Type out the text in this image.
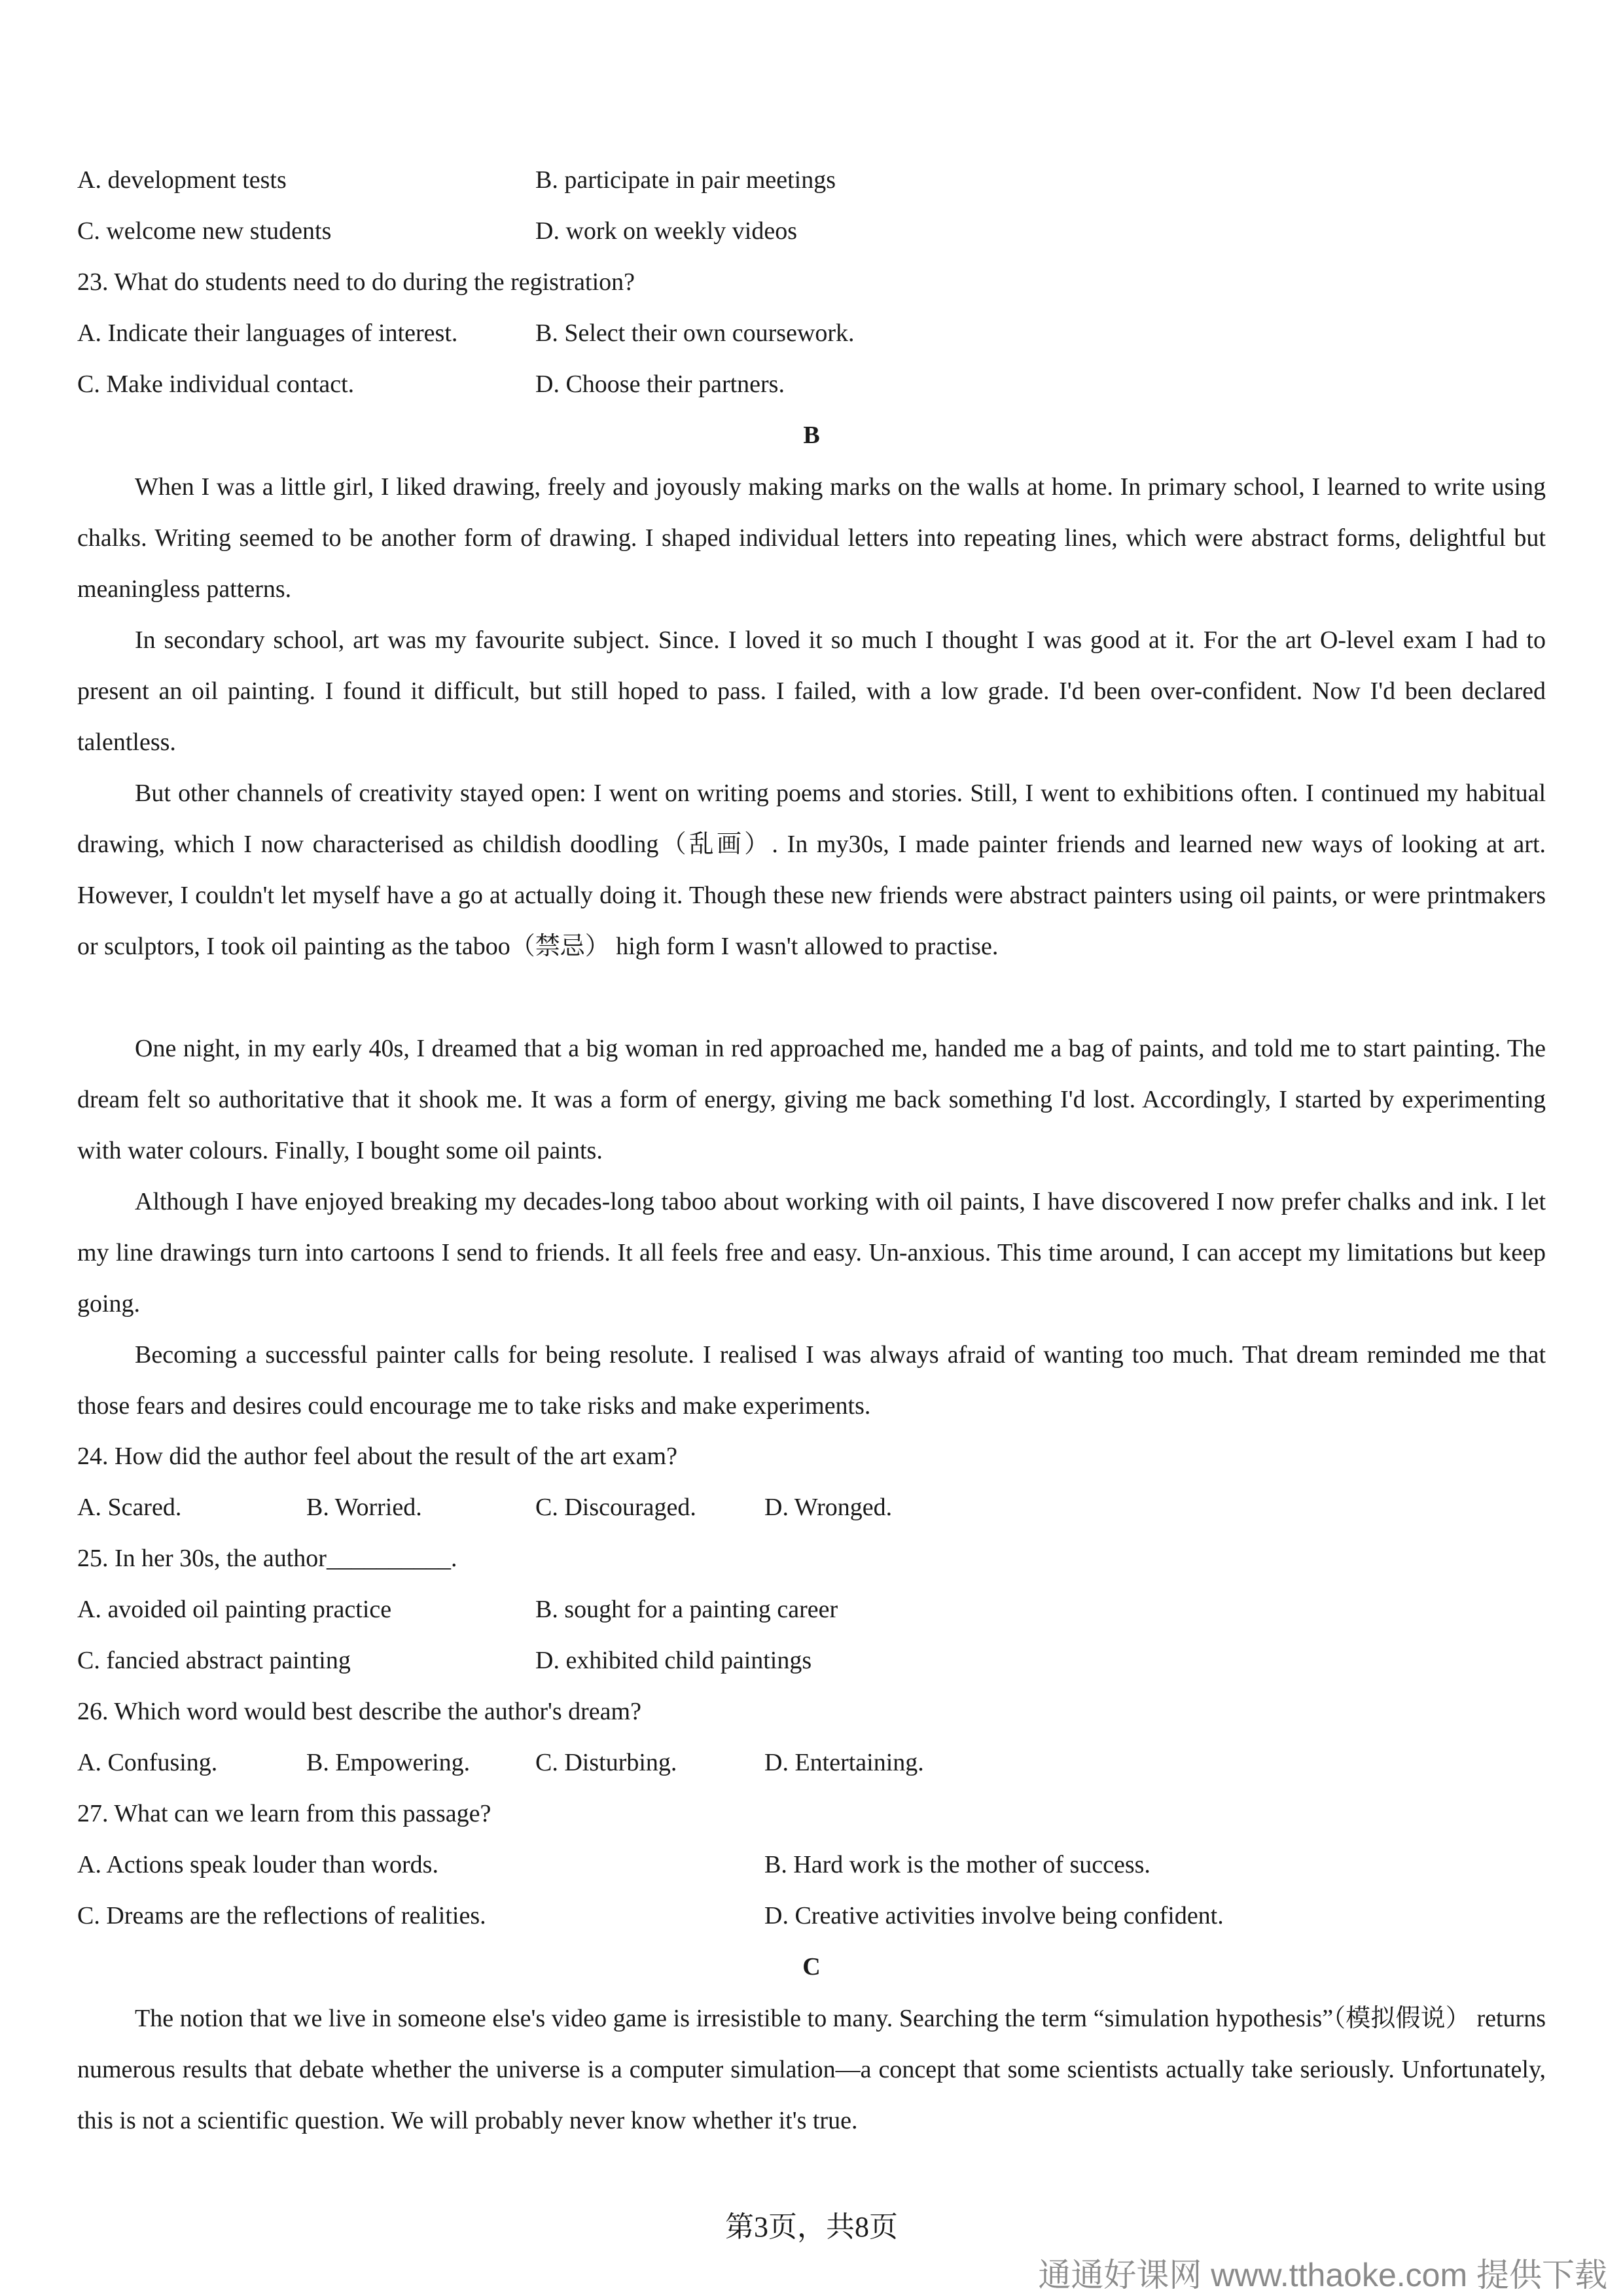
A. development tests	B. participate in pair meetings
C. welcome new students	D. work on weekly videos
23. What do students need to do during the registration?
A. Indicate their languages of interest.	B. Select their own coursework.
C. Make individual contact.	D. Choose their partners.
B
When I was a little girl, I liked drawing, freely and joyously making marks on the walls at home. In primary school, I learned to write using chalks. Writing seemed to be another form of drawing. I shaped individual letters into repeating lines, which were abstract forms, delightful but meaningless patterns.
In secondary school, art was my favourite subject. Since. I loved it so much I thought I was good at it. For the art O-level exam I had to present an oil painting. I found it difficult, but still hoped to pass. I failed, with a low grade. I'd been over-confident. Now I'd been declared talentless.
But other channels of creativity stayed open: I went on writing poems and stories. Still, I went to exhibitions often. I continued my habitual drawing, which I now characterised as childish doodling（乱画）. In my30s, I made painter friends and learned new ways of looking at art. However, I couldn't let myself have a go at actually doing it. Though these new friends were abstract painters using oil paints, or were printmakers or sculptors, I took oil painting as the taboo（禁忌） high form I wasn't allowed to practise.
One night, in my early 40s, I dreamed that a big woman in red approached me, handed me a bag of paints, and told me to start painting. The dream felt so authoritative that it shook me. It was a form of energy, giving me back something I'd lost. Accordingly, I started by experimenting with water colours. Finally, I bought some oil paints.
Although I have enjoyed breaking my decades-long taboo about working with oil paints, I have discovered I now prefer chalks and ink. I let my line drawings turn into cartoons I send to friends. It all feels free and easy. Un-anxious. This time around, I can accept my limitations but keep going.
Becoming a successful painter calls for being resolute. I realised I was always afraid of wanting too much. That dream reminded me that those fears and desires could encourage me to take risks and make experiments.
24. How did the author feel about the result of the art exam?
A. Scared.	B. Worried.	C. Discouraged.	D. Wronged.
25. In her 30s, the author__________.
A. avoided oil painting practice	B. sought for a painting career
C. fancied abstract painting	D. exhibited child paintings
26. Which word would best describe the author's dream?
A. Confusing.	B. Empowering.	C. Disturbing.	D. Entertaining.
27. What can we learn from this passage?
A. Actions speak louder than words.	B. Hard work is the mother of success.
C. Dreams are the reflections of realities.	D. Creative activities involve being confident.
C
The notion that we live in someone else's video game is irresistible to many. Searching the term “simulation hypothesis”（模拟假说） returns numerous results that debate whether the universe is a computer simulation—a concept that some scientists actually take seriously. Unfortunately, this is not a scientific question. We will probably never know whether it's true.
第3页，共8页
通通好课网 www.tthaoke.com 提供下载
